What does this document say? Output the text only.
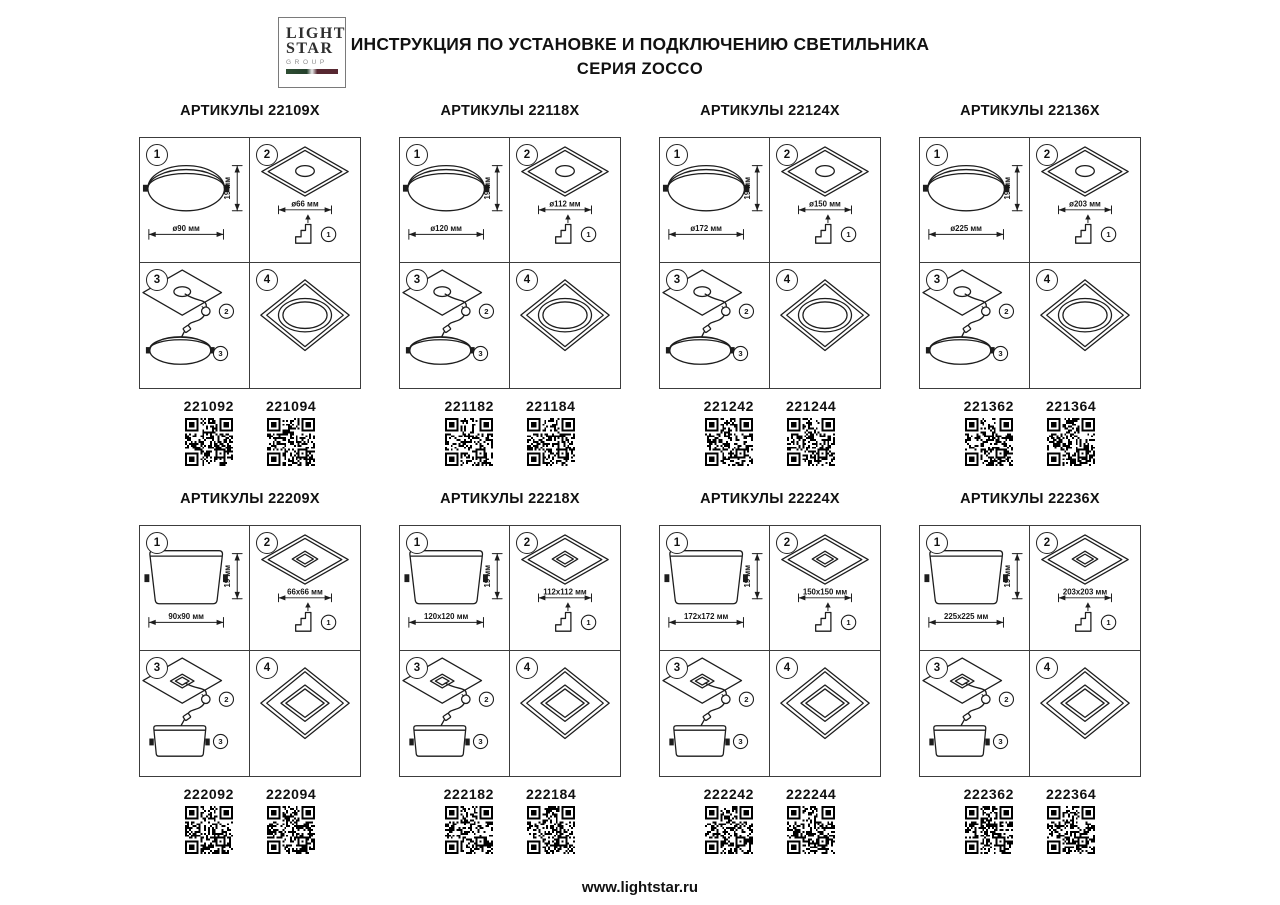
LIGHT
STAR
GROUP
ИНСТРУКЦИЯ ПО УСТАНОВКЕ И ПОДКЛЮЧЕНИЮ СВЕТИЛЬНИКА
СЕРИЯ ZOCCO
АРТИКУЛЫ 22109X
1
ø90 мм
19 мм
2
ø66 мм
1
3
2
3
4
221092 221094
АРТИКУЛЫ 22118X
1
ø120 мм
19 мм
2
ø112 мм
1
3
2
3
4
221182 221184
АРТИКУЛЫ 22124X
1
ø172 мм
19 мм
2
ø150 мм
1
3
2
3
4
221242 221244
АРТИКУЛЫ 22136X
1
ø225 мм
19 мм
2
ø203 мм
1
3
2
3
4
221362 221364
АРТИКУЛЫ 22209X
1
90x90 мм
19 мм
2
66x66 мм
1
3
2
3
4
222092 222094
АРТИКУЛЫ 22218X
1
120x120 мм
19 мм
2
112x112 мм
1
3
2
3
4
222182 222184
АРТИКУЛЫ 22224X
1
172x172 мм
19 мм
2
150x150 мм
1
3
2
3
4
222242 222244
АРТИКУЛЫ 22236X
1
225x225 мм
19 мм
2
203x203 мм
1
3
2
3
4
222362 222364
www.lightstar.ru
